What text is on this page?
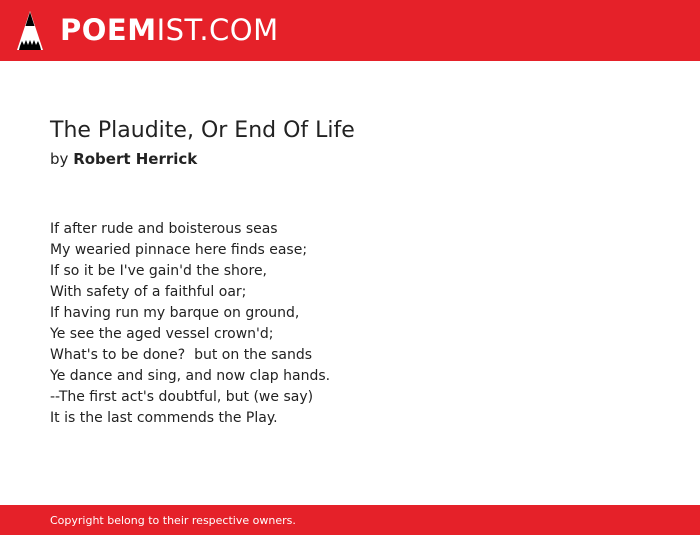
POEMIST.COM
The Plaudite, Or End Of Life
by Robert Herrick
If after rude and boisterous seas
My wearied pinnace here finds ease;
If so it be I've gain'd the shore,
With safety of a faithful oar;
If having run my barque on ground,
Ye see the aged vessel crown'd;
What's to be done?  but on the sands
Ye dance and sing, and now clap hands.
--The first act's doubtful, but (we say)
It is the last commends the Play.
Copyright belong to their respective owners.
